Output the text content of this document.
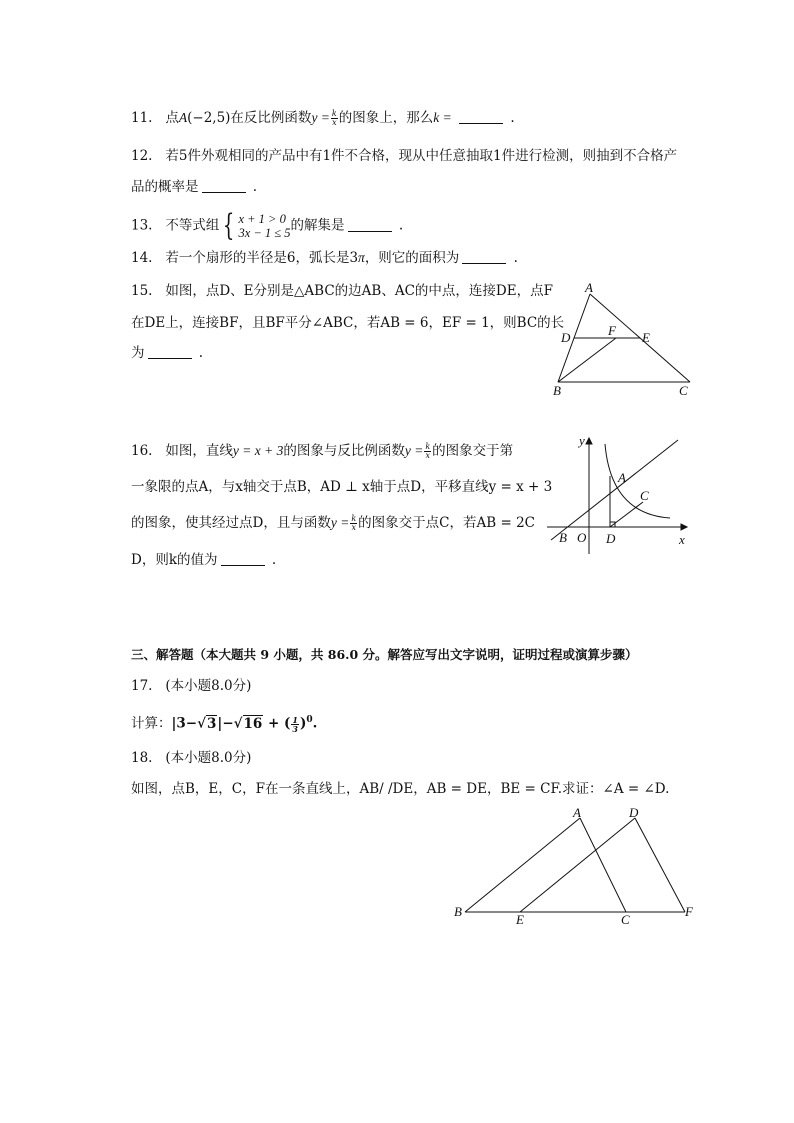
11. 点A(−2,5)在反比例函数$y = \frac{k}{x}$ 的图象上，那么k =	.
12. 若5件外观相同的产品中有1件不合格，现从中任意抽取1件进行检测，则抽到不合格产
品的概率是	.
13. 不等式组 { x + 1 > 0
3x − 1 ≤ 5 的解集是	.
14. 若一个扇形的半径是6，弧长是3π，则它的面积为	.
15. 如图，点D、E分别是△ABC的边AB、AC的中点，连接DE，点F
在DE上，连接BF，且BF平分∠ABC，若AB = 6，EF = 1，则BC的长
为	.
A
B	C
D	E
F
16. 如图，直线y = x + 3的图象与反比例函数$y = \frac{k}{x}$ 的图象交于第
一象限的点A，与x轴交于点B，AD ⊥ x轴于点D，平移直线y = x + 3
的图象，使其经过点D，且与函数$y = \frac{k}{x}$ 的图象交于点C，若AB = 2C
D，则k的值为	.
y
x
O
A
B
C
D
三、解答题（本大题共 9 小题，共 86.0 分。解答应写出文字说明，证明过程或演算步骤）
17. (本小题8.0分)
计算：|3−√3|−√16 + ( $\frac{1}{3} )^0$.
18. (本小题8.0分)
如图，点B，E，C，F在一条直线上，AB/ /DE，AB = DE，BE = CF.求证：∠A = ∠D.
A
B
C
D
E
F
